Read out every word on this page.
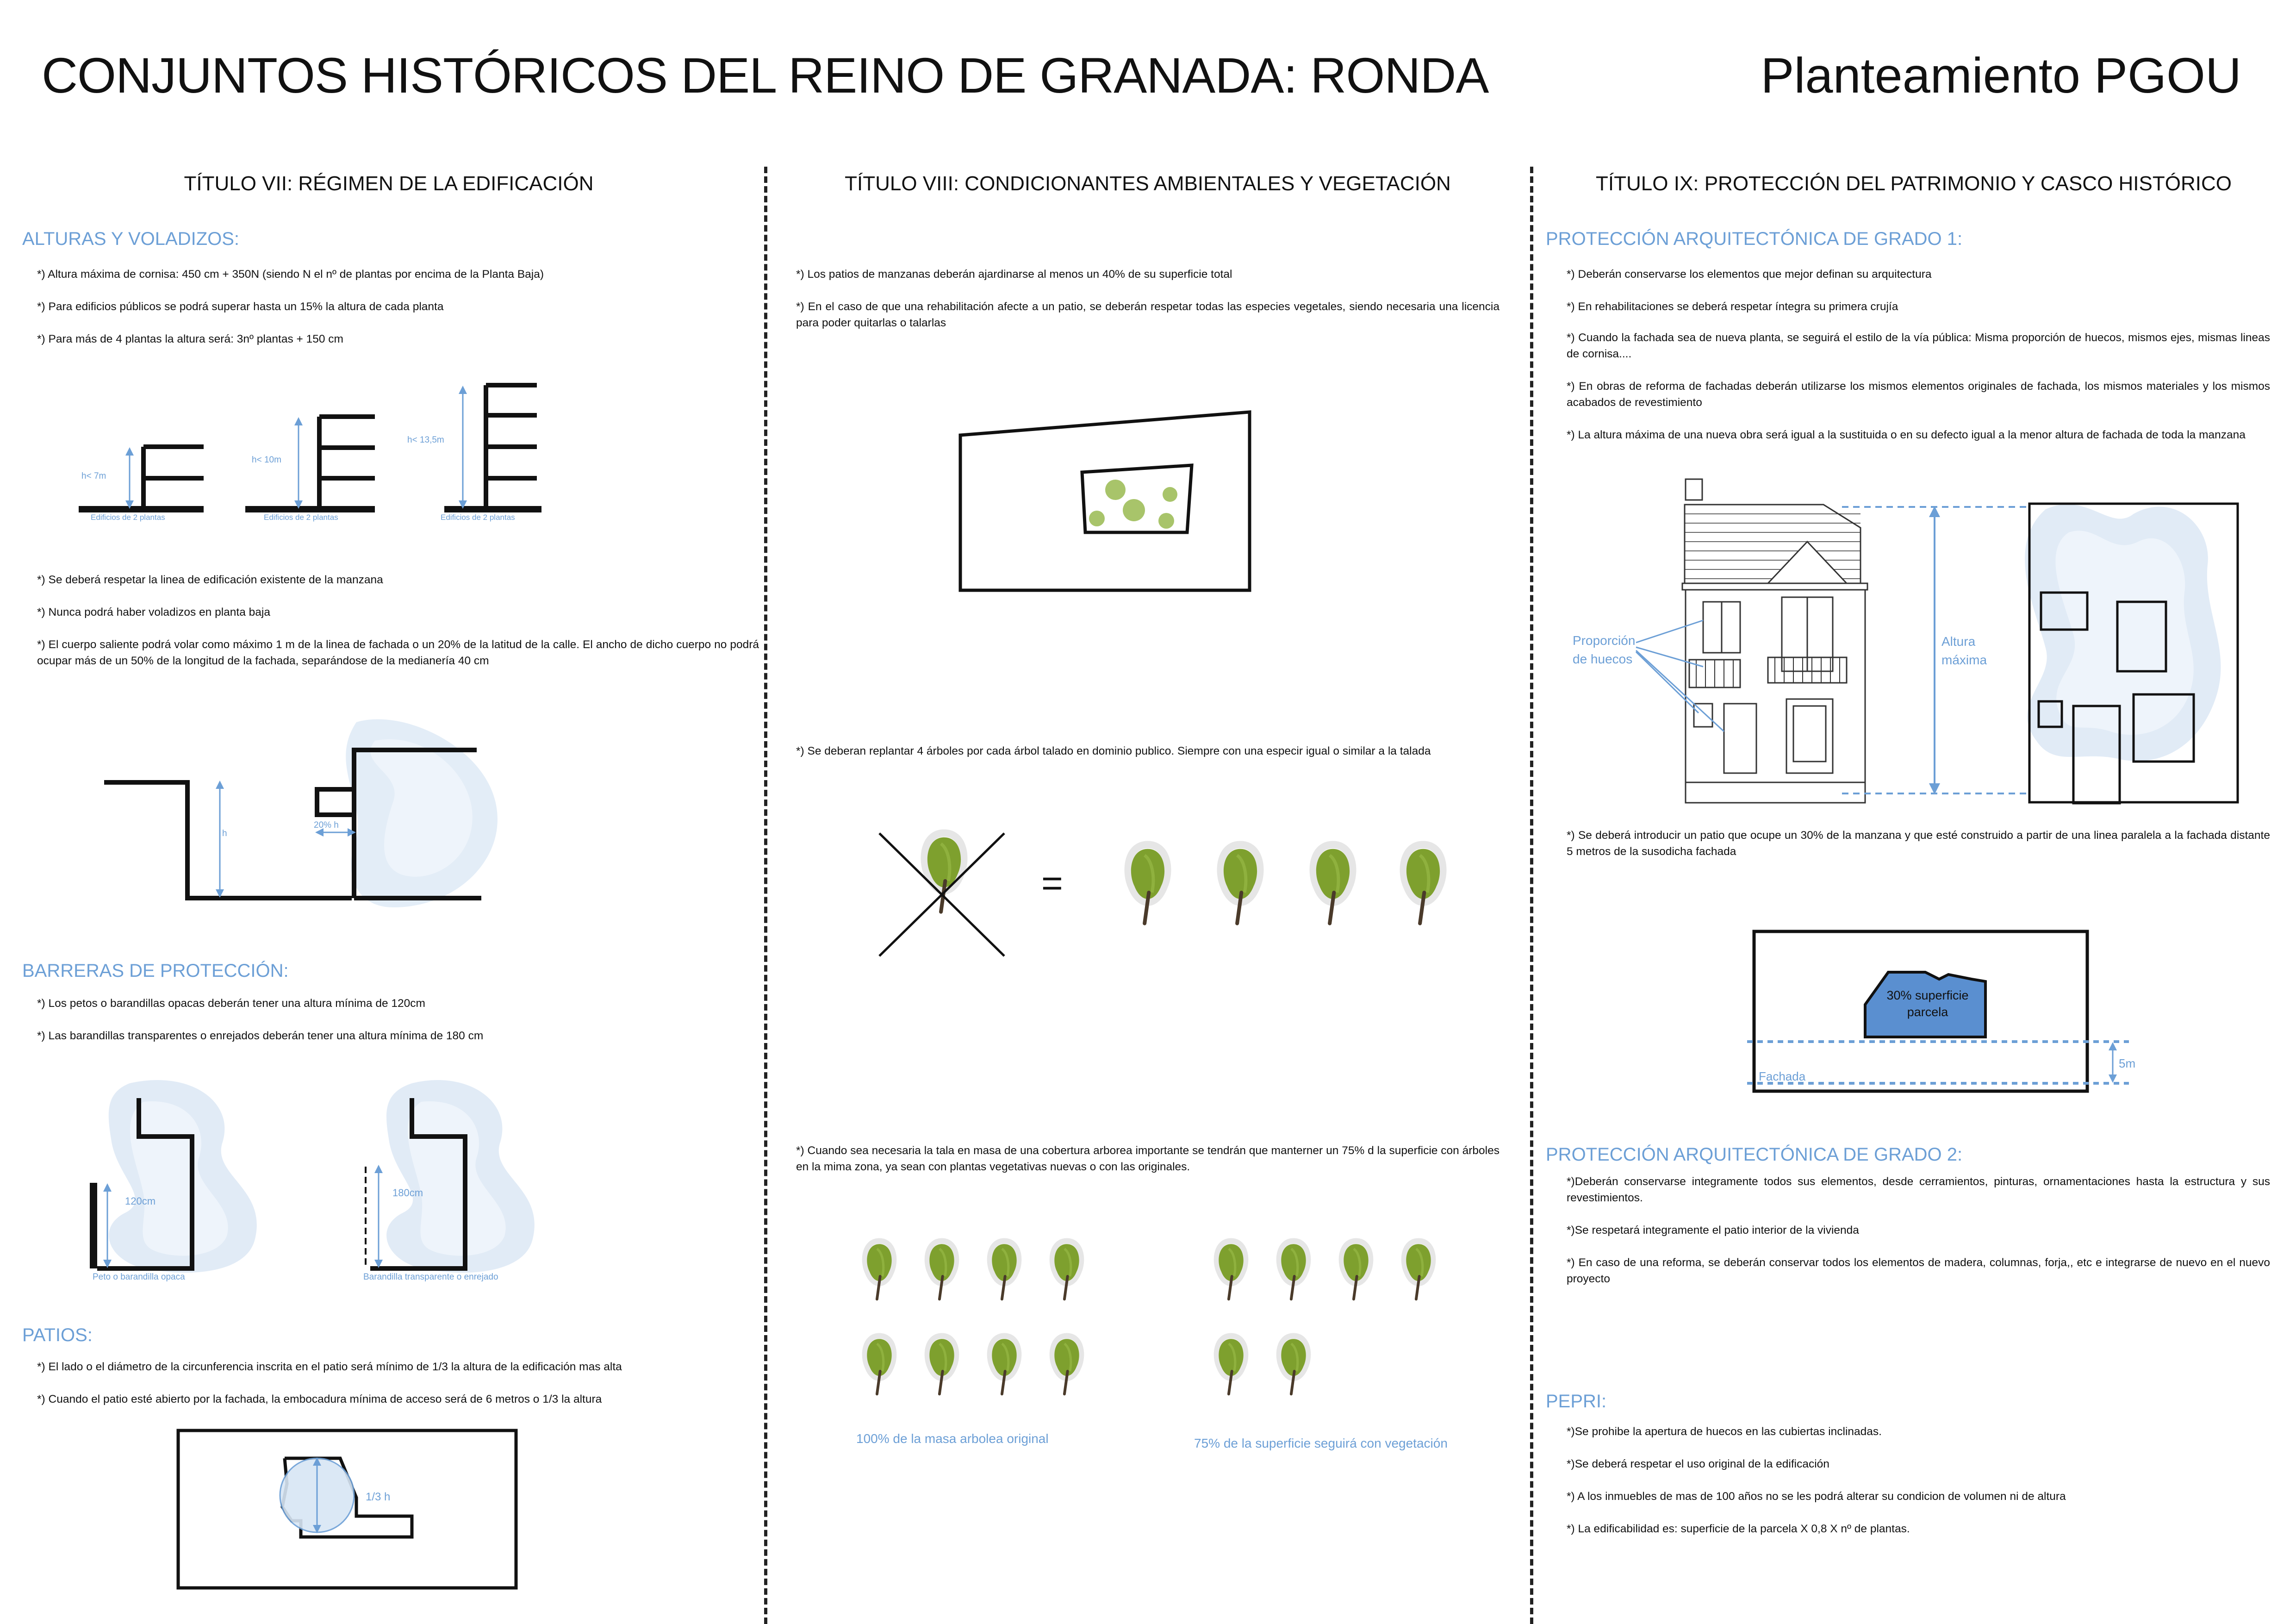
CONJUNTOS HISTÓRICOS DEL REINO DE GRANADA: RONDA	Planteamiento PGOU
TÍTULO VII: RÉGIMEN DE LA EDIFICACIÓN
ALTURAS Y VOLADIZOS:
*) Altura máxima de cornisa: 450 cm + 350N (siendo N el nº de plantas por encima de la Planta Baja)
*) Para edificios públicos se podrá superar hasta un 15% la altura de cada planta
*) Para más de 4 plantas la altura será: 3nº plantas + 150 cm
h< 7m
h< 10m
h< 13,5m
Edificios de 2 plantas	Edificios de 2 plantas	Edificios de 2 plantas
*) Se deberá respetar la linea de edificación existente de la manzana
*) Nunca podrá haber voladizos en planta baja
*) El cuerpo saliente podrá volar como máximo 1 m de la linea de fachada o un 20% de la latitud de la calle. El ancho de dicho cuerpo no podrá ocupar más de un 50% de la longitud de la fachada, separándose de la medianería 40 cm
h
20% h
BARRERAS DE PROTECCIÓN:
*) Los petos o barandillas opacas deberán tener una altura mínima de 120cm
*) Las barandillas transparentes o enrejados deberán tener una altura mínima de 180 cm
120cm
180cm
Peto o barandilla opaca	Barandilla transparente o enrejado
PATIOS:
*) El lado o el diámetro de la circunferencia inscrita en el patio será mínimo de 1/3 la altura de la edificación mas alta
*) Cuando el patio esté abierto por la fachada, la embocadura mínima de acceso será de 6 metros o 1/3 la altura
1/3 h
TÍTULO VIII: CONDICIONANTES AMBIENTALES Y VEGETACIÓN
*) Los patios de manzanas deberán ajardinarse al menos un 40% de su superficie total
*) En el caso de que una rehabilitación afecte a un patio, se deberán respetar todas las especies vegetales, siendo necesaria una licencia para poder quitarlas o talarlas
*) Se deberan replantar 4 árboles por cada árbol talado en dominio publico. Siempre con una especir igual o similar a la talada
=
*) Cuando sea necesaria la tala en masa de una cobertura arborea importante se tendrán que manterner un 75% d la superficie con árboles en la mima zona, ya sean con plantas vegetativas nuevas o con las originales.
100% de la masa arbolea original	75% de la superficie seguirá con vegetación
TÍTULO IX: PROTECCIÓN DEL PATRIMONIO Y CASCO HISTÓRICO
PROTECCIÓN ARQUITECTÓNICA DE GRADO 1:
*) Deberán conservarse los elementos que mejor definan su arquitectura
*) En rehabilitaciones se deberá respetar íntegra su primera crujía
*) Cuando la fachada sea de nueva planta, se seguirá el estilo de la vía pública: Misma proporción de huecos, mismos ejes, mismas lineas de cornisa....
*) En obras de reforma de fachadas deberán utilizarse los mismos elementos originales de fachada, los mismos materiales y los mismos acabados de revestimiento
*) La altura máxima de una nueva obra será igual a la sustituida o en su defecto igual a la menor altura de fachada de toda la manzana
Proporción
de huecos
Altura
máxima
*) Se deberá introducir un patio que ocupe un 30% de la manzana y que esté construido a partir de una linea paralela a la fachada distante 5 metros de la susodicha fachada
30% superficie
parcela
5m
Fachada
PROTECCIÓN ARQUITECTÓNICA DE GRADO 2:
*)Deberán conservarse integramente todos sus elementos, desde cerramientos, pinturas, ornamentaciones hasta la estructura y sus revestimientos.
*)Se respetará integramente el patio interior de la vivienda
*) En caso de una reforma, se deberán conservar todos los elementos de madera, columnas, forja,, etc e integrarse de nuevo en el nuevo proyecto
PEPRI:
*)Se prohibe la apertura de huecos en las cubiertas inclinadas.
*)Se deberá respetar el uso original de la edificación
*) A los inmuebles de mas de 100 años no se les podrá alterar su condicion de volumen ni de altura
*) La edificabilidad es: superficie de la parcela X 0,8 X nº de plantas.
